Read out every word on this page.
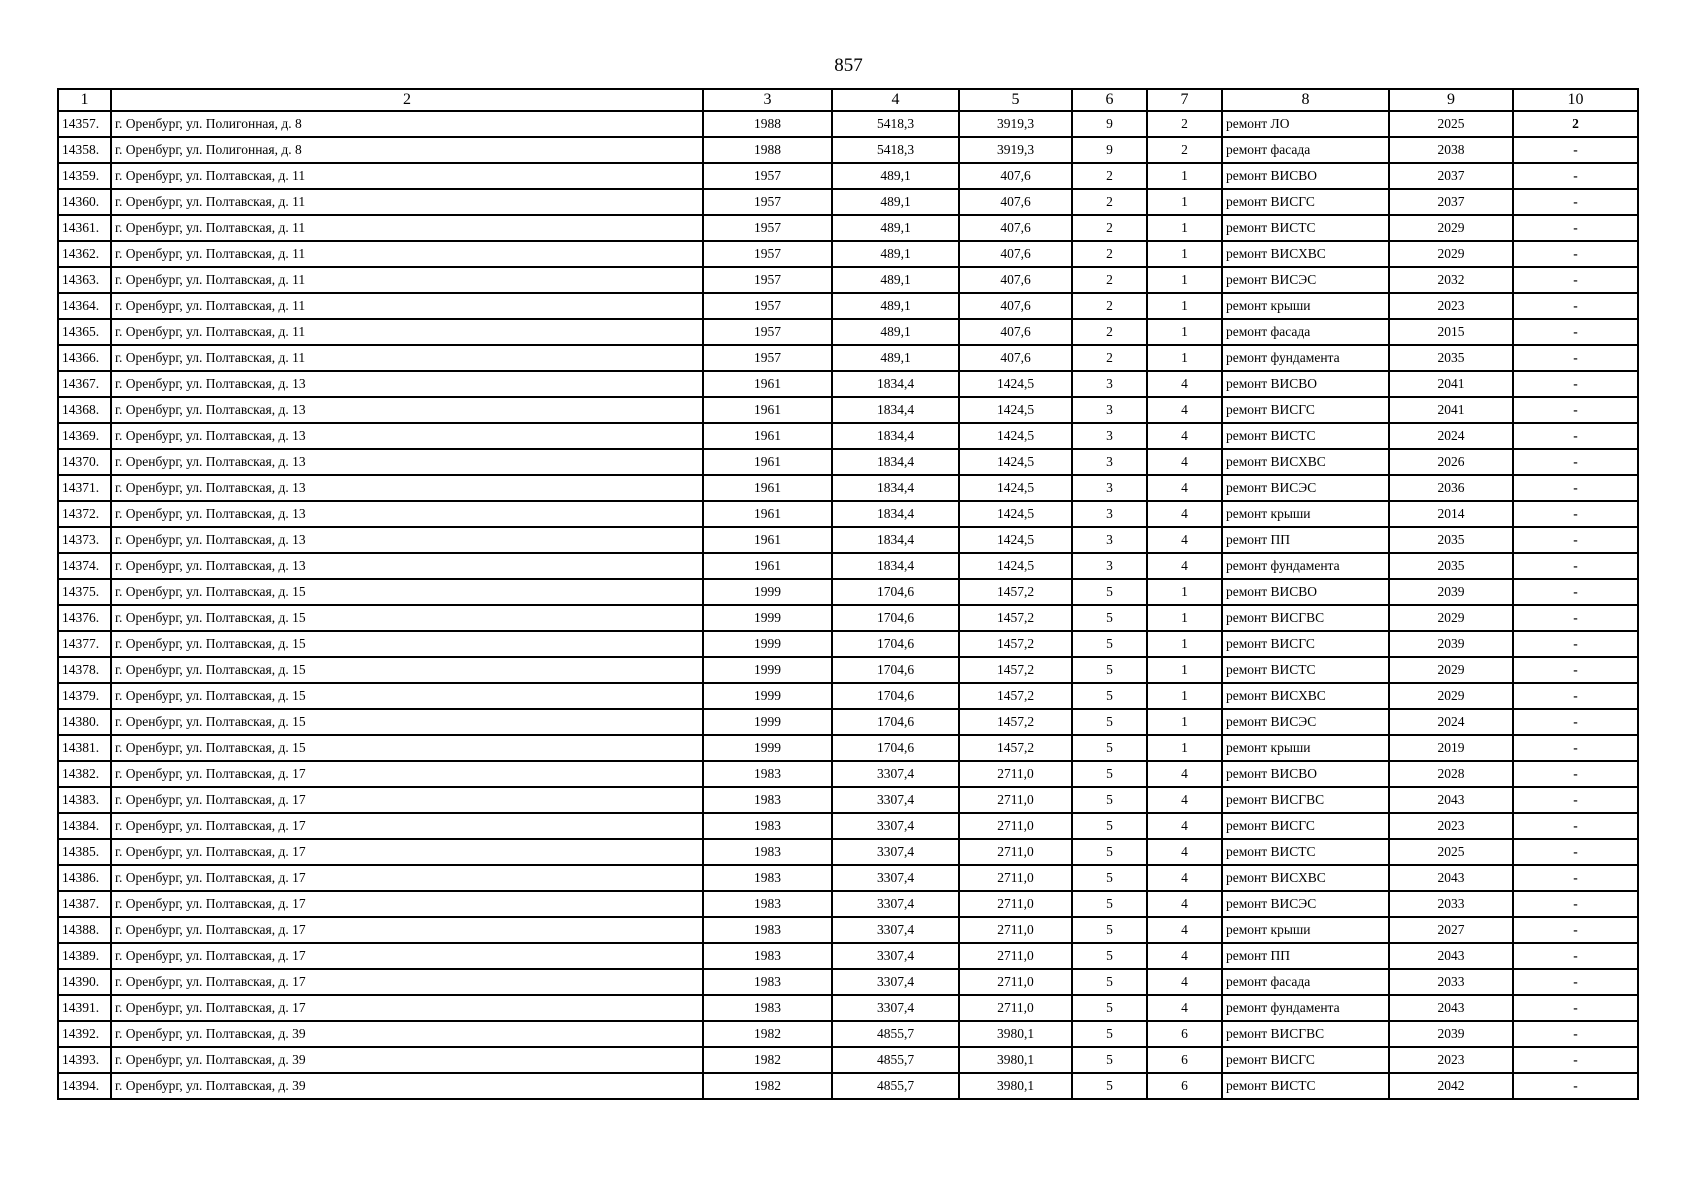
857
1	2	3	4	5	6	7	8	9	10
14357.	г. Оренбург, ул. Полигонная, д. 8	1988	5418,3	3919,3	9	2	ремонт ЛО	2025	2
14358.	г. Оренбург, ул. Полигонная, д. 8	1988	5418,3	3919,3	9	2	ремонт фасада	2038	-
14359.	г. Оренбург, ул. Полтавская, д. 11	1957	489,1	407,6	2	1	ремонт ВИСВО	2037	-
14360.	г. Оренбург, ул. Полтавская, д. 11	1957	489,1	407,6	2	1	ремонт ВИСГС	2037	-
14361.	г. Оренбург, ул. Полтавская, д. 11	1957	489,1	407,6	2	1	ремонт ВИСТС	2029	-
14362.	г. Оренбург, ул. Полтавская, д. 11	1957	489,1	407,6	2	1	ремонт ВИСХВС	2029	-
14363.	г. Оренбург, ул. Полтавская, д. 11	1957	489,1	407,6	2	1	ремонт ВИСЭС	2032	-
14364.	г. Оренбург, ул. Полтавская, д. 11	1957	489,1	407,6	2	1	ремонт крыши	2023	-
14365.	г. Оренбург, ул. Полтавская, д. 11	1957	489,1	407,6	2	1	ремонт фасада	2015	-
14366.	г. Оренбург, ул. Полтавская, д. 11	1957	489,1	407,6	2	1	ремонт фундамента	2035	-
14367.	г. Оренбург, ул. Полтавская, д. 13	1961	1834,4	1424,5	3	4	ремонт ВИСВО	2041	-
14368.	г. Оренбург, ул. Полтавская, д. 13	1961	1834,4	1424,5	3	4	ремонт ВИСГС	2041	-
14369.	г. Оренбург, ул. Полтавская, д. 13	1961	1834,4	1424,5	3	4	ремонт ВИСТС	2024	-
14370.	г. Оренбург, ул. Полтавская, д. 13	1961	1834,4	1424,5	3	4	ремонт ВИСХВС	2026	-
14371.	г. Оренбург, ул. Полтавская, д. 13	1961	1834,4	1424,5	3	4	ремонт ВИСЭС	2036	-
14372.	г. Оренбург, ул. Полтавская, д. 13	1961	1834,4	1424,5	3	4	ремонт крыши	2014	-
14373.	г. Оренбург, ул. Полтавская, д. 13	1961	1834,4	1424,5	3	4	ремонт ПП	2035	-
14374.	г. Оренбург, ул. Полтавская, д. 13	1961	1834,4	1424,5	3	4	ремонт фундамента	2035	-
14375.	г. Оренбург, ул. Полтавская, д. 15	1999	1704,6	1457,2	5	1	ремонт ВИСВО	2039	-
14376.	г. Оренбург, ул. Полтавская, д. 15	1999	1704,6	1457,2	5	1	ремонт ВИСГВС	2029	-
14377.	г. Оренбург, ул. Полтавская, д. 15	1999	1704,6	1457,2	5	1	ремонт ВИСГС	2039	-
14378.	г. Оренбург, ул. Полтавская, д. 15	1999	1704,6	1457,2	5	1	ремонт ВИСТС	2029	-
14379.	г. Оренбург, ул. Полтавская, д. 15	1999	1704,6	1457,2	5	1	ремонт ВИСХВС	2029	-
14380.	г. Оренбург, ул. Полтавская, д. 15	1999	1704,6	1457,2	5	1	ремонт ВИСЭС	2024	-
14381.	г. Оренбург, ул. Полтавская, д. 15	1999	1704,6	1457,2	5	1	ремонт крыши	2019	-
14382.	г. Оренбург, ул. Полтавская, д. 17	1983	3307,4	2711,0	5	4	ремонт ВИСВО	2028	-
14383.	г. Оренбург, ул. Полтавская, д. 17	1983	3307,4	2711,0	5	4	ремонт ВИСГВС	2043	-
14384.	г. Оренбург, ул. Полтавская, д. 17	1983	3307,4	2711,0	5	4	ремонт ВИСГС	2023	-
14385.	г. Оренбург, ул. Полтавская, д. 17	1983	3307,4	2711,0	5	4	ремонт ВИСТС	2025	-
14386.	г. Оренбург, ул. Полтавская, д. 17	1983	3307,4	2711,0	5	4	ремонт ВИСХВС	2043	-
14387.	г. Оренбург, ул. Полтавская, д. 17	1983	3307,4	2711,0	5	4	ремонт ВИСЭС	2033	-
14388.	г. Оренбург, ул. Полтавская, д. 17	1983	3307,4	2711,0	5	4	ремонт крыши	2027	-
14389.	г. Оренбург, ул. Полтавская, д. 17	1983	3307,4	2711,0	5	4	ремонт ПП	2043	-
14390.	г. Оренбург, ул. Полтавская, д. 17	1983	3307,4	2711,0	5	4	ремонт фасада	2033	-
14391.	г. Оренбург, ул. Полтавская, д. 17	1983	3307,4	2711,0	5	4	ремонт фундамента	2043	-
14392.	г. Оренбург, ул. Полтавская, д. 39	1982	4855,7	3980,1	5	6	ремонт ВИСГВС	2039	-
14393.	г. Оренбург, ул. Полтавская, д. 39	1982	4855,7	3980,1	5	6	ремонт ВИСГС	2023	-
14394.	г. Оренбург, ул. Полтавская, д. 39	1982	4855,7	3980,1	5	6	ремонт ВИСТС	2042	-
